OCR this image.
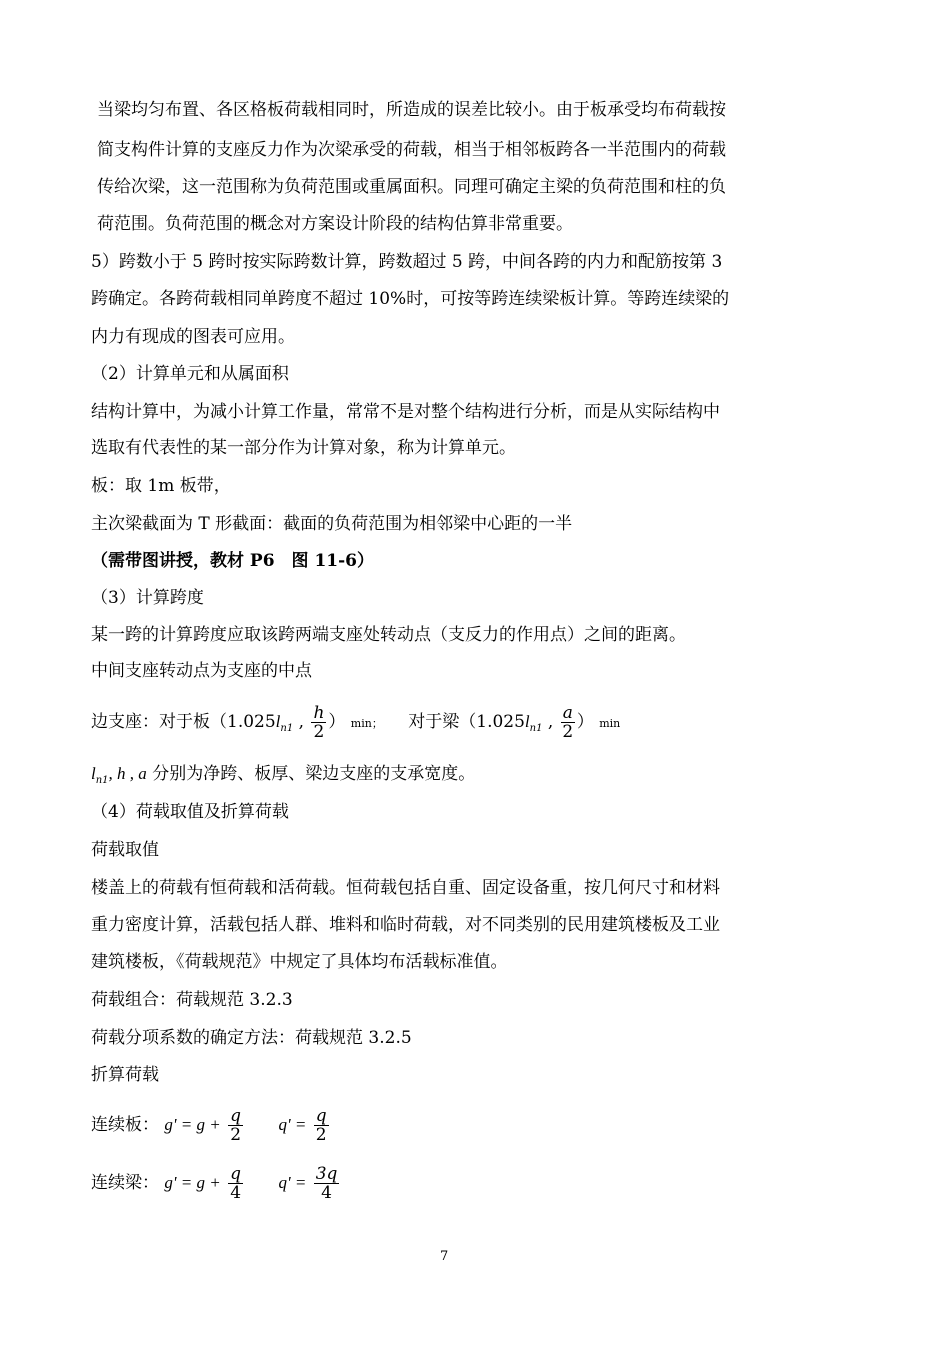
当梁均匀布置、各区格板荷载相同时，所造成的误差比较小。由于板承受均布荷载按
简支构件计算的支座反力作为次梁承受的荷载，相当于相邻板跨各一半范围内的荷载
传给次梁，这一范围称为负荷范围或重属面积。同理可确定主梁的负荷范围和柱的负
荷范围。负荷范围的概念对方案设计阶段的结构估算非常重要。
5）跨数小于 5 跨时按实际跨数计算，跨数超过 5 跨，中间各跨的内力和配筋按第 3
跨确定。各跨荷载相同单跨度不超过 10%时，可按等跨连续梁板计算。等跨连续梁的
内力有现成的图表可应用。
（2）计算单元和从属面积
结构计算中，为减小计算工作量，常常不是对整个结构进行分析，而是从实际结构中
选取有代表性的某一部分作为计算对象，称为计算单元。
板：取 1m 板带，
主次梁截面为 T 形截面：截面的负荷范围为相邻梁中心距的一半
（需带图讲授，教材 P6　图 11-6）
（3）计算跨度
某一跨的计算跨度应取该跨两端支座处转动点（支反力的作用点）之间的距离。
中间支座转动点为支座的中点
边支座：对于板（$1.025l_{n1}$ , $\frac{h}{2}$ ） min； 对于梁（$1.025l_{n1}$ , $\frac{a}{2}$ ） min
$l_{n1}$, h , a 分别为净跨、板厚、梁边支座的支承宽度。
（4）荷载取值及折算荷载
荷载取值
楼盖上的荷载有恒荷载和活荷载。恒荷载包括自重、固定设备重，按几何尺寸和材料
重力密度计算，活载包括人群、堆料和临时荷载，对不同类别的民用建筑楼板及工业
建筑楼板，《荷载规范》中规定了具体均布活载标准值。
荷载组合：荷载规范 3.2.3
荷载分项系数的确定方法：荷载规范 3.2.5
折算荷载
连续板： $g' = g + \frac{q}{2} q' = \frac{q}{2}$
连续梁： $g' = g + \frac{q}{4} q' = \frac{3q}{4}$
7
